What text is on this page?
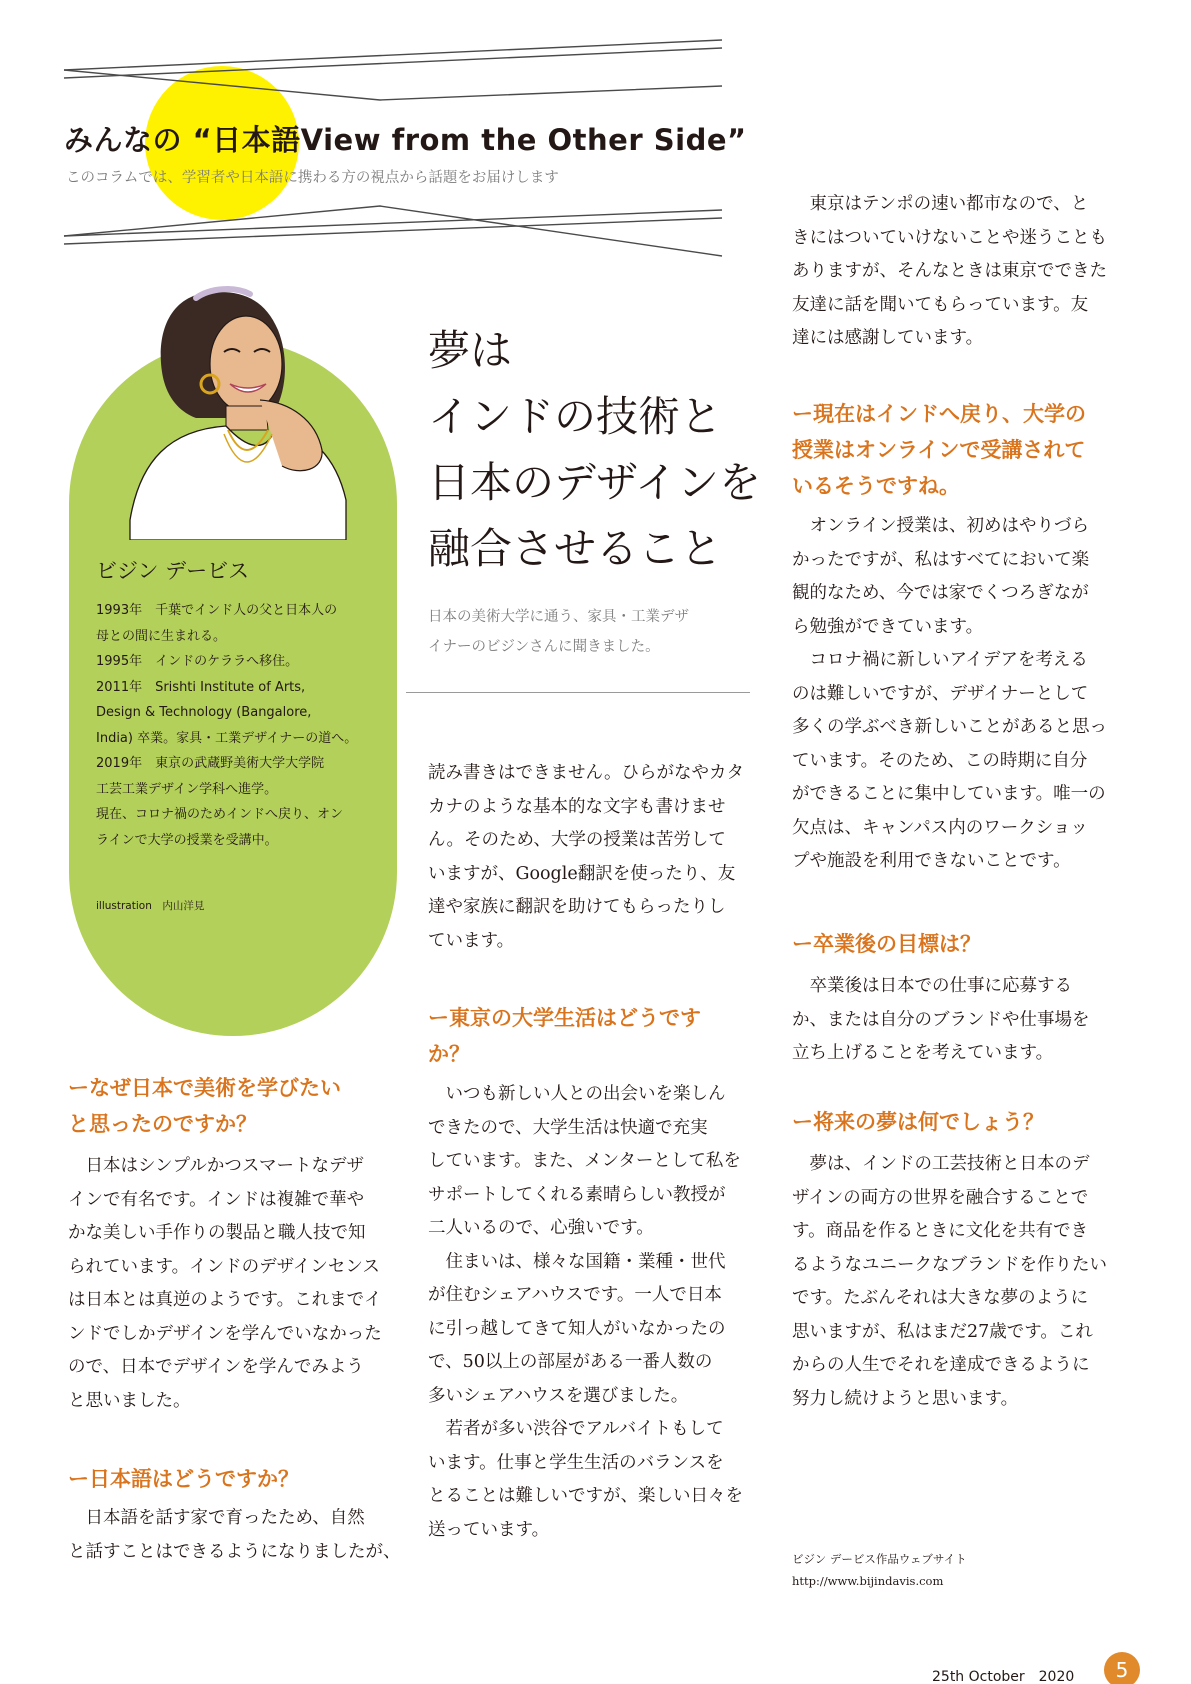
みんなの “日本語View from the Other Side”
このコラムでは、学習者や日本語に携わる方の視点から話題をお届けします
ビジン デービス
1993年　千葉でインド人の父と日本人の
母との間に生まれる。
1995年　インドのケララへ移住。
2011年　Srishti Institute of Arts,
Design & Technology (Bangalore,
India) 卒業。家具・工業デザイナーの道へ。
2019年　東京の武蔵野美術大学大学院
工芸工業デザイン学科へ進学。
現在、コロナ禍のためインドへ戻り、オン
ラインで大学の授業を受講中。
illustration　内山洋見
夢は
インドの技術と
日本のデザインを
融合させること
日本の美術大学に通う、家具・工業デザ
イナーのビジンさんに聞きました。
ーなぜ日本で美術を学びたい
と思ったのですか？
　日本はシンプルかつスマートなデザ
インで有名です。インドは複雑で華や
かな美しい手作りの製品と職人技で知
られています。インドのデザインセンス
は日本とは真逆のようです。これまでイ
ンドでしかデザインを学んでいなかった
ので、日本でデザインを学んでみよう
と思いました。
ー日本語はどうですか？
　日本語を話す家で育ったため、自然
と話すことはできるようになりましたが、
読み書きはできません。ひらがなやカタ
カナのような基本的な文字も書けませ
ん。そのため、大学の授業は苦労して
いますが、Google翻訳を使ったり、友
達や家族に翻訳を助けてもらったりし
ています。
ー東京の大学生活はどうです
か？
　いつも新しい人との出会いを楽しん
できたので、大学生活は快適で充実
しています。また、メンターとして私を
サポートしてくれる素晴らしい教授が
二人いるので、心強いです。
　住まいは、様々な国籍・業種・世代
が住むシェアハウスです。一人で日本
に引っ越してきて知人がいなかったの
で、50以上の部屋がある一番人数の
多いシェアハウスを選びました。
　若者が多い渋谷でアルバイトもして
います。仕事と学生生活のバランスを
とることは難しいですが、楽しい日々を
送っています。
　東京はテンポの速い都市なので、と
きにはついていけないことや迷うことも
ありますが、そんなときは東京でできた
友達に話を聞いてもらっています。友
達には感謝しています。
ー現在はインドへ戻り、大学の
授業はオンラインで受講されて
いるそうですね。
　オンライン授業は、初めはやりづら
かったですが、私はすべてにおいて楽
観的なため、今では家でくつろぎなが
ら勉強ができています。
　コロナ禍に新しいアイデアを考える
のは難しいですが、デザイナーとして
多くの学ぶべき新しいことがあると思っ
ています。そのため、この時期に自分
ができることに集中しています。唯一の
欠点は、キャンパス内のワークショッ
プや施設を利用できないことです。
ー卒業後の目標は？
　卒業後は日本での仕事に応募する
か、または自分のブランドや仕事場を
立ち上げることを考えています。
ー将来の夢は何でしょう？
　夢は、インドの工芸技術と日本のデ
ザインの両方の世界を融合することで
す。商品を作るときに文化を共有でき
るようなユニークなブランドを作りたい
です。たぶんそれは大きな夢のように
思いますが、私はまだ27歳です。これ
からの人生でそれを達成できるように
努力し続けようと思います。
ビジン デービス作品ウェブサイト
http://www.bijindavis.com
25th October　2020	5
